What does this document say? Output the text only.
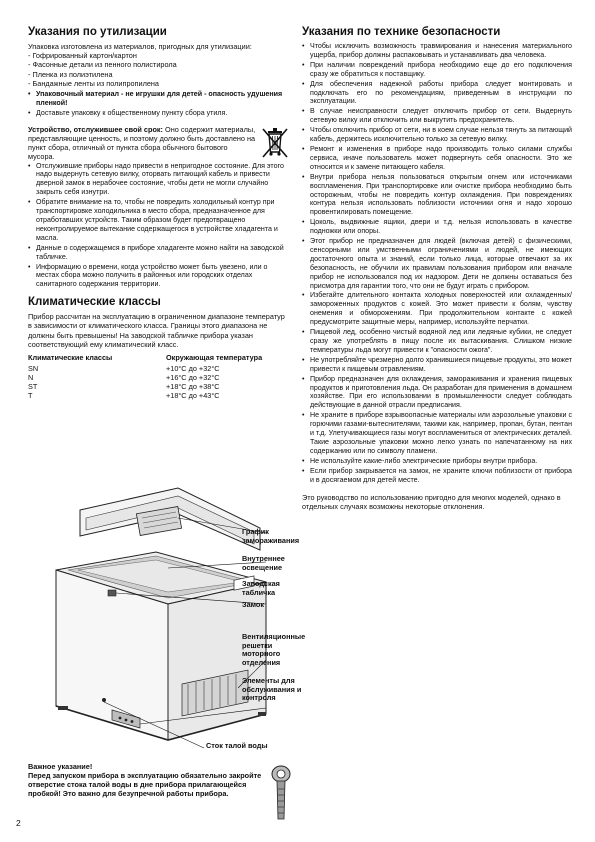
Указания по утилизации

Упаковка изготовлена из материалов, пригодных для утилизации:

- Гофрированный картон/картон
- Фасонные детали из пенного полистирола
- Пленка из полиэтилена
- Бандажные ленты из полипропилена
• Упаковочный материал - не игрушки для детей - опасность удушения пленкой!
• Доставьте упаковку к общественному пункту сбора утиля.

Устройство, отслужившее свой срок: Оно содержит материалы, представляющие ценность, и поэтому должно быть доставлено на пункт сбора, отличный от пункта сбора обычного бытового мусора.

• Отслужившие приборы надо привести в непригодное состояние. Для этого надо выдернуть сетевую вилку, оторвать питающий кабель и привести дверной замок в нерабочее состояние, чтобы дети не могли случайно закрыть себя изнутри.
• Обратите внимание на то, чтобы не повредить холодильный контур при транспортировке холодильника в место сбора, предназначенное для отработавших устройств. Таким образом будет предотвращено неконтролируемое вытекание содержащегося в устройстве хладагента и масла.
• Данные о содержащемся в приборе хладагенте можно найти на заводской табличке.
• Информацию о времени, когда устройство может быть увезено, или о местах сбора можно получить в районных или городских отделах санитарного содержания территории.
Климатические классы

Прибор рассчитан на эксплуатацию в ограниченном диапазоне температур в зависимости от климатического класса. Границы этого диапазона не должны быть превышены! На заводской табличке прибора указан соответствующий ему климатический класс.

Климатические классы	Окружающая температура
SN	+10°C до +32°C
N	+16°C до +32°C
ST	+18°C до +38°C
T	+18°C до +43°C
График замораживания
Внутреннее освещение
Заводская табличка
Замок
Вентиляционные решетки моторного отделения
Элементы для обслуживания и контроля
Сток талой воды
Важное указание!
Перед запуском прибора в эксплуатацию обязательно закройте отверстие стока талой воды в дне прибора прилагающейся пробкой! Это важно для безупречной работы прибора.
2
Указания по технике безопасности
• Чтобы исключить возможность травмирования и нанесения материального ущерба, прибор должны распаковывать и устанавливать два человека.
• При наличии повреждений прибора необходимо еще до его подключения сразу же обратиться к поставщику.
• Для обеспечения надежной работы прибора следует монтировать и подключать его по рекомендациям, приведенным в инструкции по эксплуатации.
• В случае неисправности следует отключить прибор от сети. Выдернуть сетевую вилку или отключить или выкрутить предохранитель.
• Чтобы отключить прибор от сети, ни в коем случае нельзя тянуть за питающий кабель, держитесь исключительно только за сетевую вилку.
• Ремонт и изменения в приборе надо производить только силами службы сервиса, иначе пользователь может подвергнуть себя опасности. Это же относится и к замене питающего кабеля.
• Внутри прибора нельзя пользоваться открытым огнем или источниками воспламенения. При транспортировке или очистке прибора необходимо быть осторожным, чтобы не повредить контур охлаждения. При повреждениях контура нельзя использовать поблизости источники огня и надо хорошо провентилировать помещение.
• Цоколь, выдвижные ящики, двери и т.д. нельзя использовать в качестве подножки или опоры.
• Этот прибор не предназначен для людей (включая детей) с физическими, сенсорными или умственными ограничениями и людей, не имеющих достаточного опыта и знаний, если только лица, которые отвечают за их безопасность, не обучили их правилам пользования прибором или вначале прибор не использовался под их надзором. Дети не должны оставаться без присмотра для гарантии того, что они не будут играть с прибором.
• Избегайте длительного контакта холодных поверхностей или охлажденных/замороженных продуктов с кожей. Это может привести к болям, чувству онемения и обморожениям. При продолжительном контакте с кожей предусмотрите защитные меры, например, используйте перчатки.
• Пищевой лед, особенно чистый водяной лед или ледяные кубики, не следует сразу же употреблять в пищу после их вытаскивания. Слишком низкие температуры льда могут привести к "опасности ожога".
• Не употребляйте чрезмерно долго хранившиеся пищевые продукты, это может привести к пищевым отравлениям.
• Прибор предназначен для охлаждения, замораживания и хранения пищевых продуктов и приготовления льда. Он разработан для применения в домашнем хозяйстве. При его использовании в промышленности следует соблюдать действующие в данной отрасли предписания.
• Не храните в приборе взрывоопасные материалы или аэрозольные упаковки с горючими газами-вытеснителями, такими как, например, пропан, бутан, пентан и т.д. Улетучивающиеся газы могут воспламениться от электрических деталей. Такие аэрозольные упаковки можно легко узнать по напечатанному на них содержанию или по символу пламени.
• Не используйте какие-либо электрические приборы внутри прибора.
• Если прибор закрывается на замок, не храните ключи поблизости от прибора и в досягаемом для детей месте.

Это руководство по использованию пригодно для многих моделей, однако в отдельных случаях возможны некоторые отклонения.
